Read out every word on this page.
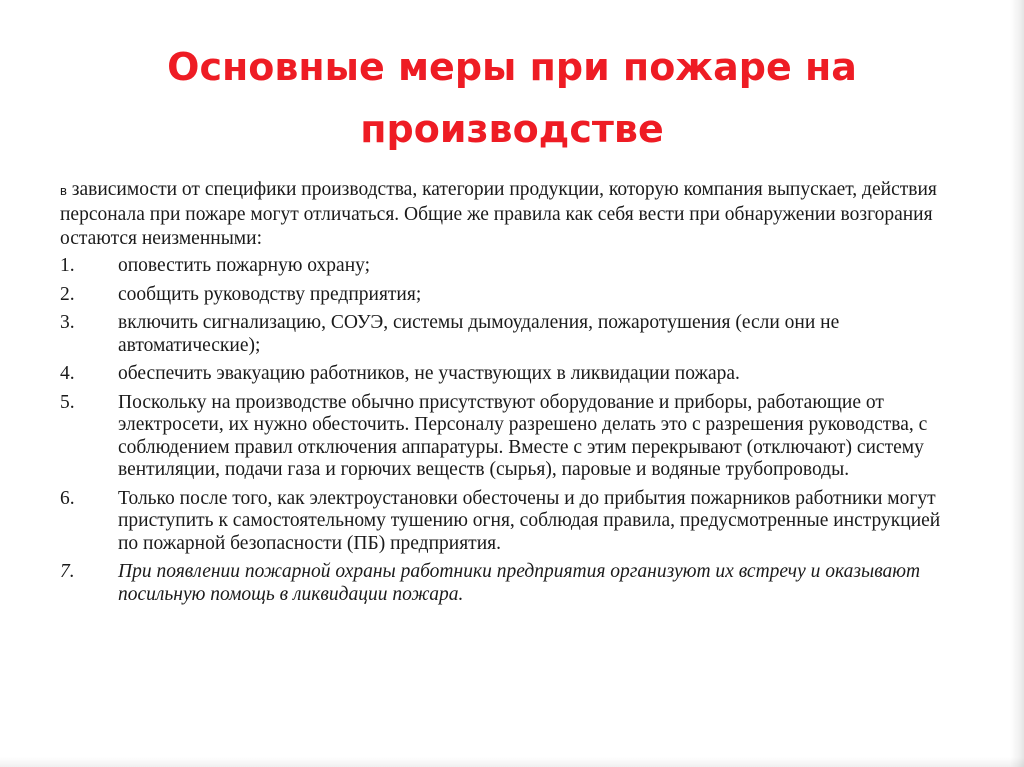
Основные меры при пожаре на производстве

в зависимости от специфики производства, категории продукции, которую компания выпускает, действия персонала при пожаре могут отличаться. Общие же правила как себя вести при обнаружении возгорания остаются неизменными:

1.	оповестить пожарную охрану;
2.	сообщить руководству предприятия;
3.	включить сигнализацию, СОУЭ, системы дымоудаления, пожаротушения (если они не автоматические);
4.	обеспечить эвакуацию работников, не участвующих в ликвидации пожара.
5.	Поскольку на производстве обычно присутствуют оборудование и приборы, работающие от электросети, их нужно обесточить. Персоналу разрешено делать это с разрешения руководства, с соблюдением правил отключения аппаратуры. Вместе с этим перекрывают (отключают) систему вентиляции, подачи газа и горючих веществ (сырья), паровые и водяные трубопроводы.
6.	Только после того, как электроустановки обесточены и до прибытия пожарников работники могут приступить к самостоятельному тушению огня, соблюдая правила, предусмотренные инструкцией по пожарной безопасности (ПБ) предприятия.
7.	При появлении пожарной охраны работники предприятия организуют их встречу и оказывают посильную помощь в ликвидации пожара.
